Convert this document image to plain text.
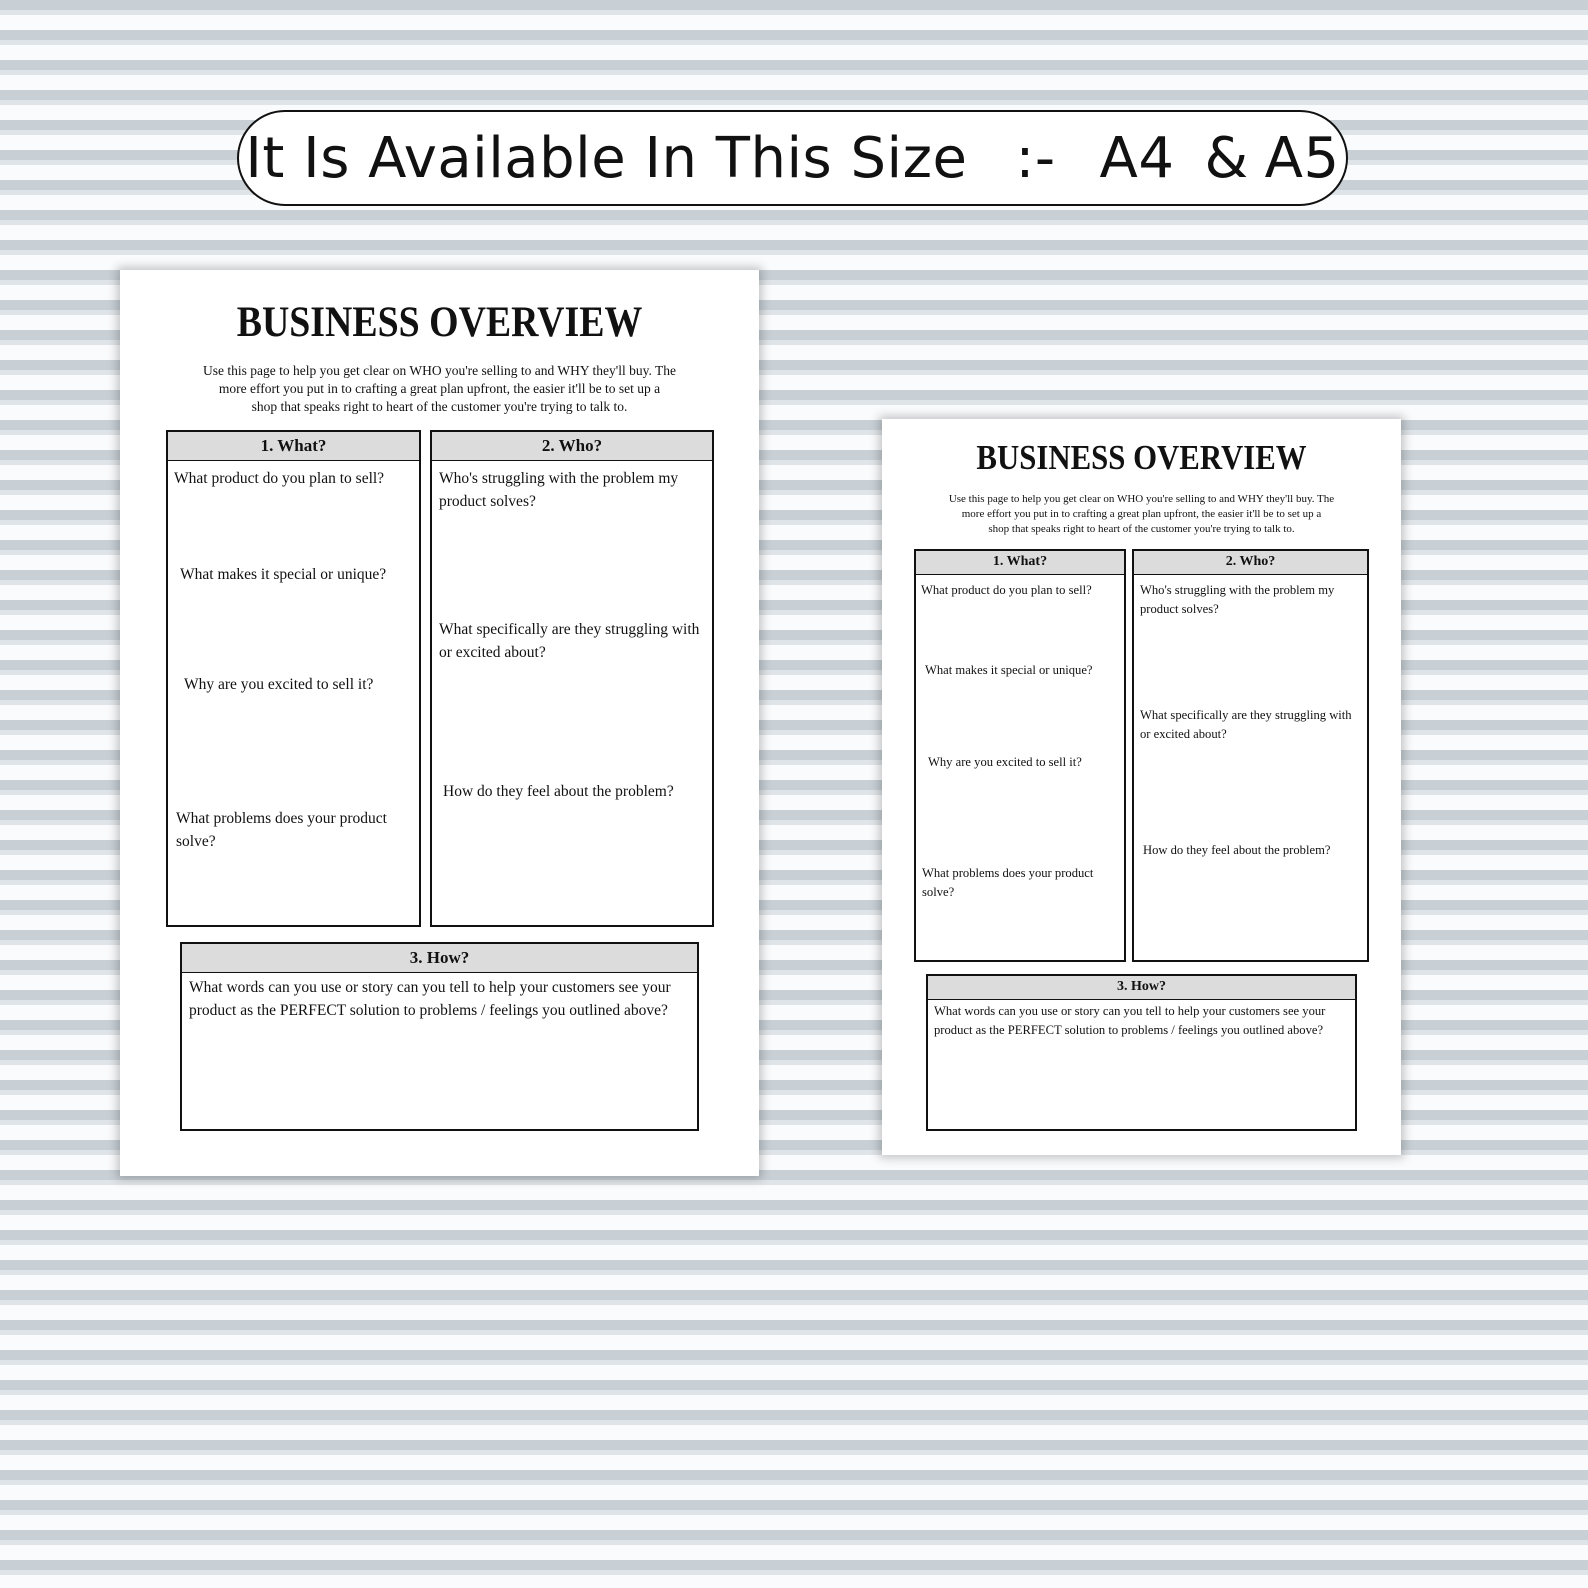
It Is Available In This Size :- A4 & A5
BUSINESS OVERVIEW
Use this page to help you get clear on WHO you're selling to and WHY they'll buy. The
more effort you put in to crafting a great plan upfront, the easier it'll be to set up a
shop that speaks right to heart of the customer you're trying to talk to.
1. What?
What product do you plan to sell?
What makes it special or unique?
Why are you excited to sell it?
What problems does your product solve?
2. Who?
Who's struggling with the problem my product solves?
What specifically are they struggling with or excited about?
How do they feel about the problem?
3. How?
What words can you use or story can you tell to help your customers see your product as the PERFECT solution to problems / feelings you outlined above?
BUSINESS OVERVIEW
Use this page to help you get clear on WHO you're selling to and WHY they'll buy. The
more effort you put in to crafting a great plan upfront, the easier it'll be to set up a
shop that speaks right to heart of the customer you're trying to talk to.
1. What?
What product do you plan to sell?
What makes it special or unique?
Why are you excited to sell it?
What problems does your product solve?
2. Who?
Who's struggling with the problem my product solves?
What specifically are they struggling with or excited about?
How do they feel about the problem?
3. How?
What words can you use or story can you tell to help your customers see your product as the PERFECT solution to problems / feelings you outlined above?
